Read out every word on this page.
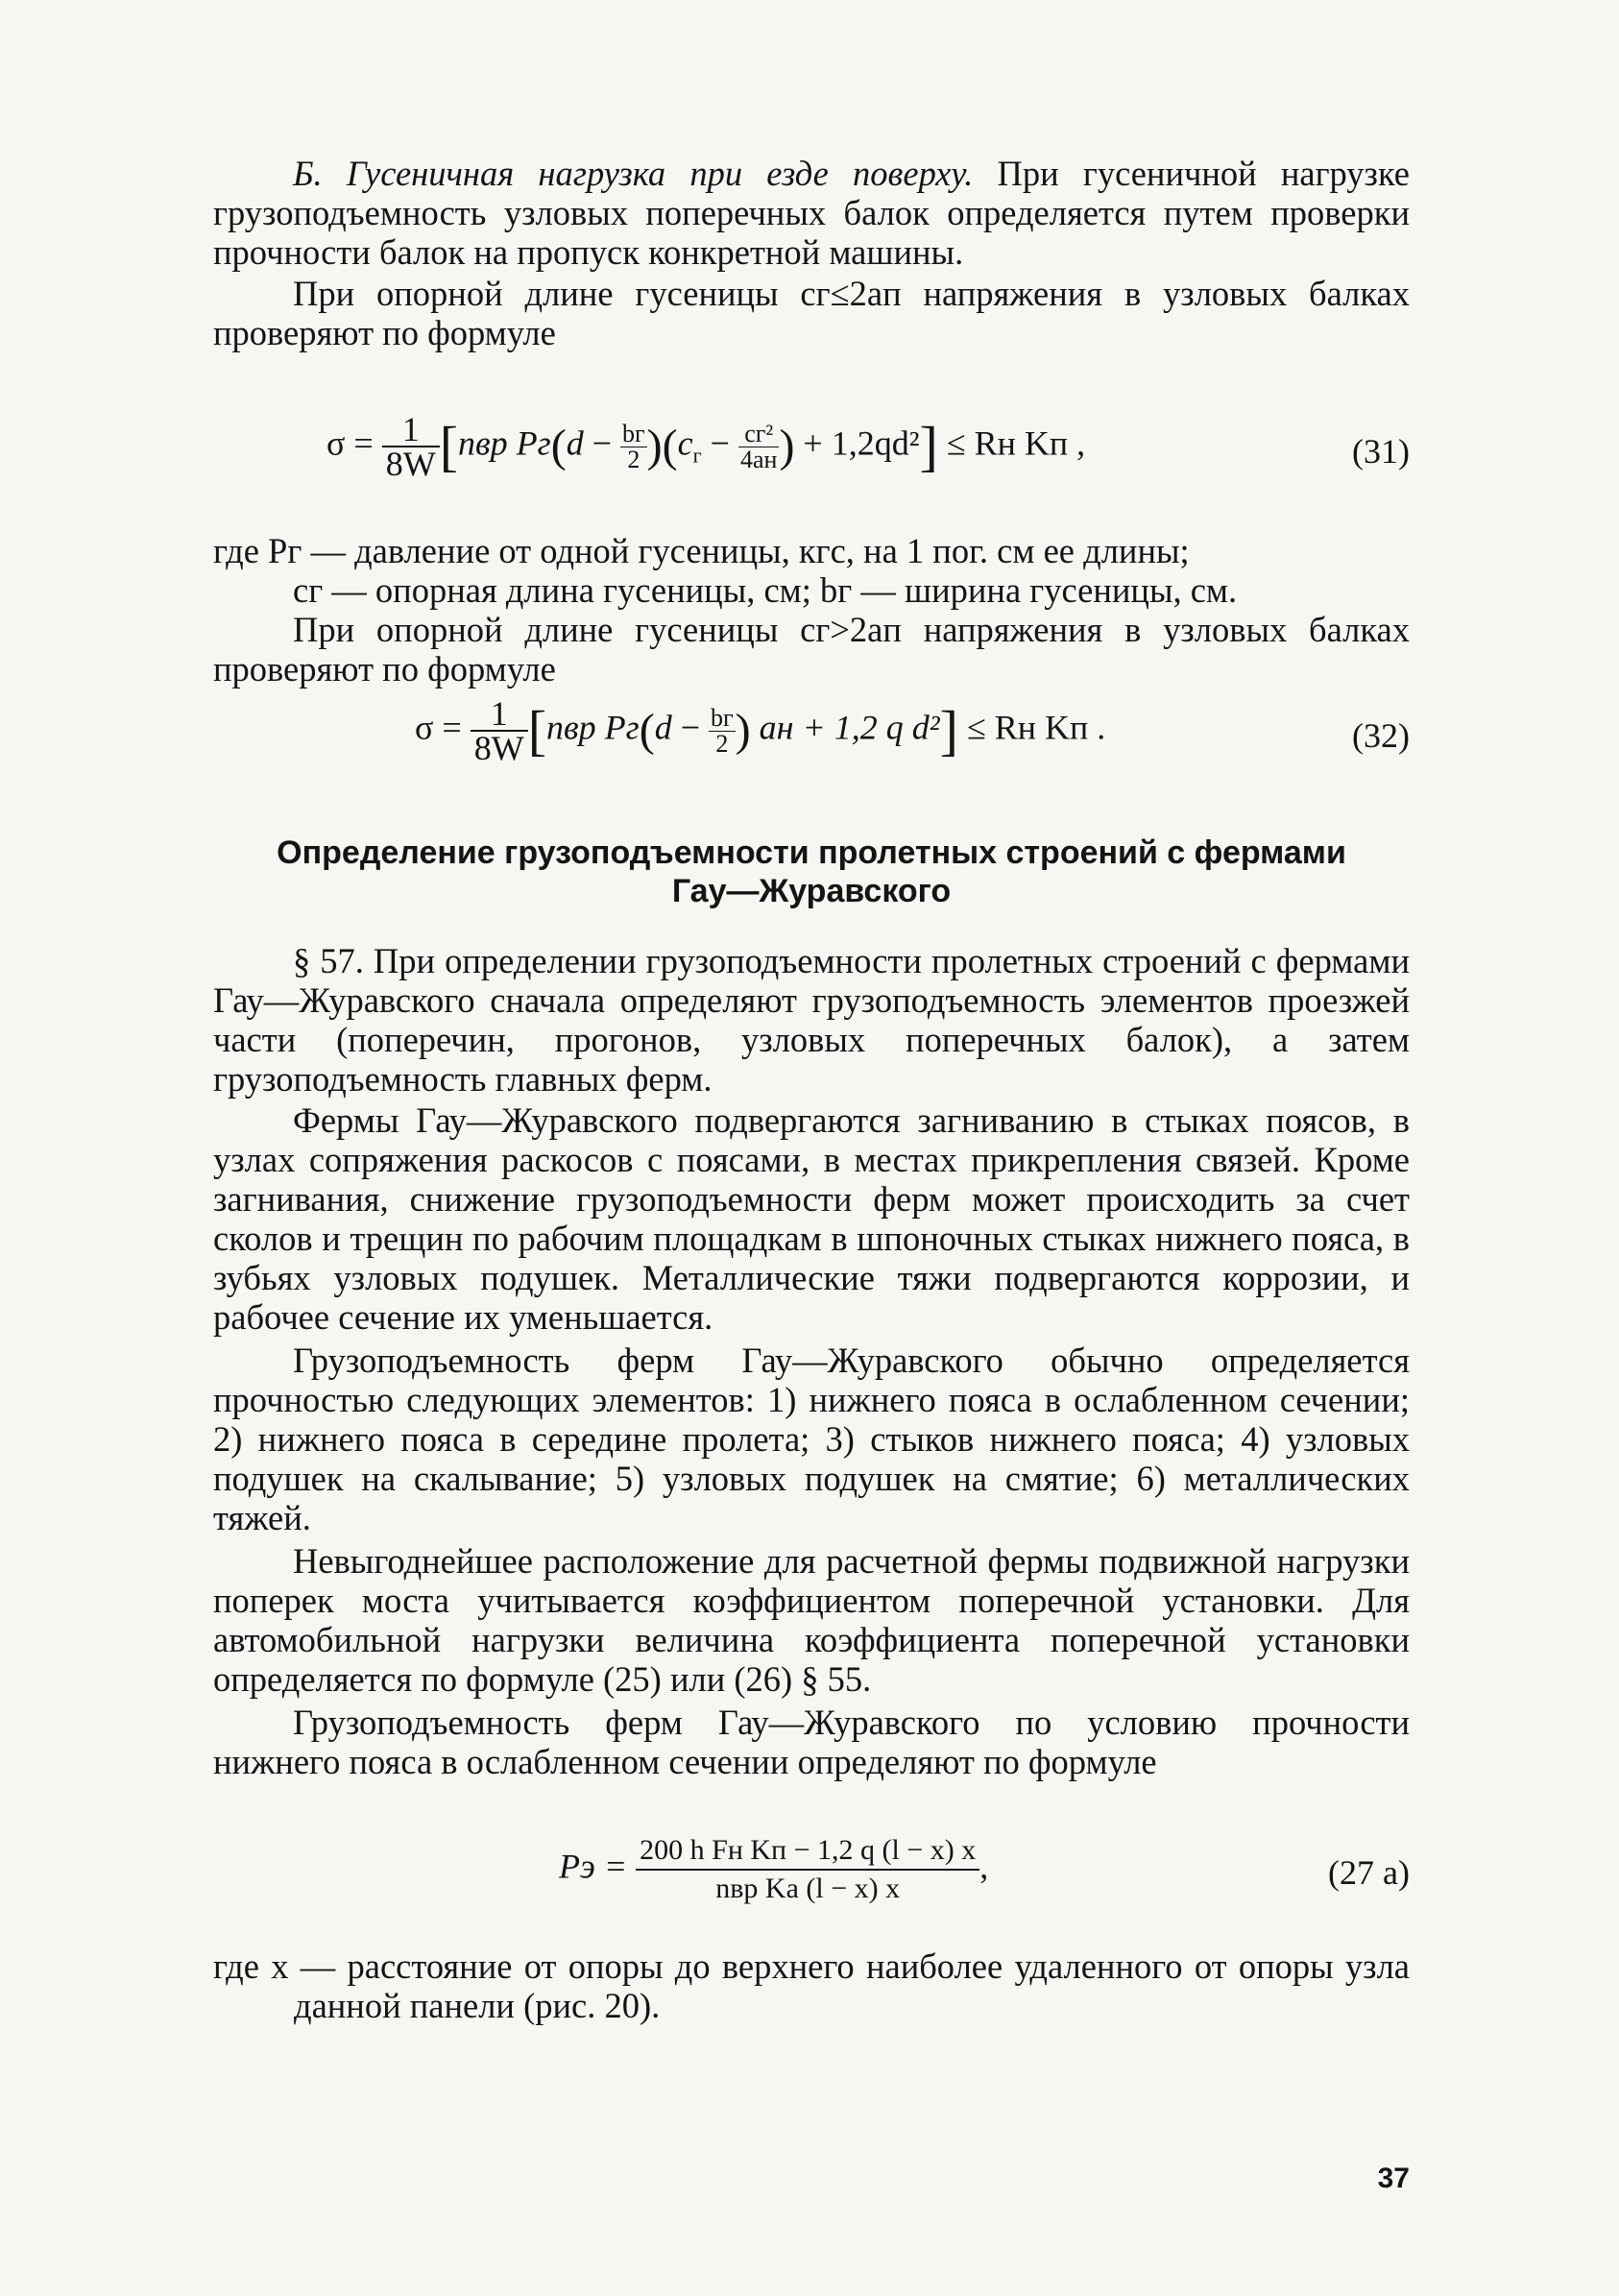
Б. Гусеничная нагрузка при езде поверху. При гусеничной нагрузке грузоподъемность узловых поперечных балок определяется путем проверки прочности балок на пропуск конкретной машины.

При опорной длине гусеницы cг≤2aп напряжения в узловых балках проверяют по формуле

$\sigma = \frac{1}{8W} [nвр$ $Pг(d - \frac{bг}{2} )(c_г - \frac{\text{cг²}}{4aн}$ ) + 1,2qd²] ≤ Rн Kп ,	(31)

где Pг — давление от одной гусеницы, кгс, на 1 пог. см ее длины;

cг — опорная длина гусеницы, см; bг — ширина гусеницы, см.

При опорной длине гусеницы cг>2aп напряжения в узловых балках проверяют по формуле

$\sigma = \frac{1}{8W} [nвр$ $Pг(d - \frac{bг}{2}$ ) aн + 1,2 q d²] ≤ Rн Kп .	(32)
Определение грузоподъемности пролетных строений с фермами
Гау—Журавского

§ 57. При определении грузоподъемности пролетных строений с фермами Гау—Журавского сначала определяют грузоподъемность элементов проезжей части (поперечин, прогонов, узловых поперечных балок), а затем грузоподъемность главных ферм.

Фермы Гау—Журавского подвергаются загниванию в стыках поясов, в узлах сопряжения раскосов с поясами, в местах прикрепления связей. Кроме загнивания, снижение грузоподъемности ферм может происходить за счет сколов и трещин по рабочим площадкам в шпоночных стыках нижнего пояса, в зубьях узловых подушек. Металлические тяжи подвергаются коррозии, и рабочее сечение их уменьшается.

Грузоподъемность ферм Гау—Журавского обычно определяется прочностью следующих элементов: 1) нижнего пояса в ослабленном сечении; 2) нижнего пояса в середине пролета; 3) стыков нижнего пояса; 4) узловых подушек на скалывание; 5) узловых подушек на смятие; 6) металлических тяжей.

Невыгоднейшее расположение для расчетной фермы подвижной нагрузки поперек моста учитывается коэффициентом поперечной установки. Для автомобильной нагрузки величина коэффициента поперечной установки определяется по формуле (25) или (26) § 55.

Грузоподъемность ферм Гау—Журавского по условию прочности нижнего пояса в ослабленном сечении определяют по формуле

Pэ = $\frac{\text{200 h Fн Kп − 1,2 q (l − x) x}}{\text{nвр Ka (l − x) x}}$ ,	(27 а)

где x — расстояние от опоры до верхнего наиболее удаленного от опоры узла данной панели (рис. 20).

37
